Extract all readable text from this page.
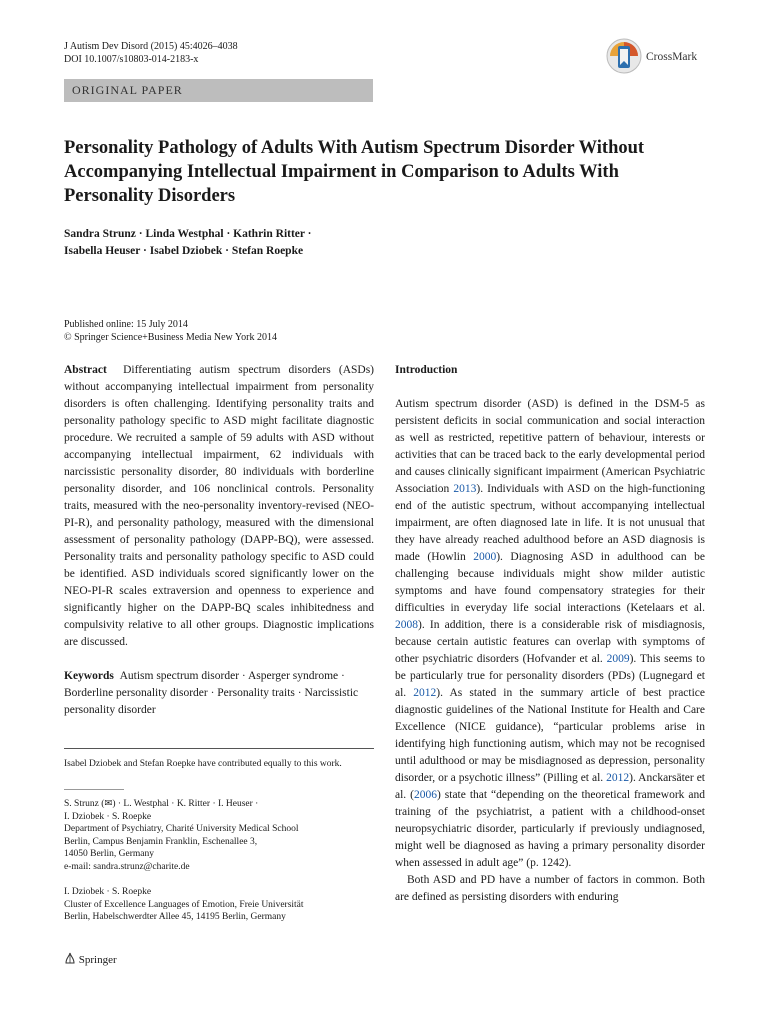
J Autism Dev Disord (2015) 45:4026–4038
DOI 10.1007/s10803-014-2183-x	CrossMark
ORIGINAL PAPER
Personality Pathology of Adults With Autism Spectrum Disorder Without Accompanying Intellectual Impairment in Comparison to Adults With Personality Disorders
Sandra Strunz · Linda Westphal · Kathrin Ritter ·
Isabella Heuser · Isabel Dziobek · Stefan Roepke
Published online: 15 July 2014
© Springer Science+Business Media New York 2014

Abstract Differentiating autism spectrum disorders (ASDs) without accompanying intellectual impairment from personality disorders is often challenging. Identifying personality traits and personality pathology specific to ASD might facilitate diagnostic procedure. We recruited a sample of 59 adults with ASD without accompanying intellectual impairment, 62 individuals with narcissistic personality disorder, 80 individuals with borderline personality disorder, and 106 nonclinical controls. Personality traits, measured with the neo-personality inventory-revised (NEO-PI-R), and personality pathology, measured with the dimensional assessment of personality pathology (DAPP-BQ), were assessed. Personality traits and personality pathology specific to ASD could be identified. ASD individuals scored significantly lower on the NEO-PI-R scales extraversion and openness to experience and significantly higher on the DAPP-BQ scales inhibitedness and compulsivity relative to all other groups. Diagnostic implications are discussed.

Keywords Autism spectrum disorder · Asperger syndrome · Borderline personality disorder · Personality traits · Narcissistic personality disorder

Isabel Dziobek and Stefan Roepke have contributed equally to this work.
S. Strunz (✉) · L. Westphal · K. Ritter · I. Heuser ·
I. Dziobek · S. Roepke
Department of Psychiatry, Charité University Medical School
Berlin, Campus Benjamin Franklin, Eschenallee 3,
14050 Berlin, Germany
e-mail: sandra.strunz@charite.de
I. Dziobek · S. Roepke
Cluster of Excellence Languages of Emotion, Freie Universität
Berlin, Habelschwerdter Allee 45, 14195 Berlin, Germany

Introduction

Autism spectrum disorder (ASD) is defined in the DSM-5 as persistent deficits in social communication and social interaction as well as restricted, repetitive pattern of behaviour, interests or activities that can be traced back to the early developmental period and causes clinically significant impairment (American Psychiatric Association 2013). Individuals with ASD on the high-functioning end of the autistic spectrum, without accompanying intellectual impairment, are often diagnosed late in life. It is not unusual that they have already reached adulthood before an ASD diagnosis is made (Howlin 2000). Diagnosing ASD in adulthood can be challenging because individuals might show milder autistic symptoms and have found compensatory strategies for their difficulties in everyday life social interactions (Ketelaars et al. 2008). In addition, there is a considerable risk of misdiagnosis, because certain autistic features can overlap with symptoms of other psychiatric disorders (Hofvander et al. 2009). This seems to be particularly true for personality disorders (PDs) (Lugnegard et al. 2012). As stated in the summary article of best practice diagnostic guidelines of the National Institute for Health and Care Excellence (NICE guidance), “particular problems arise in identifying high functioning autism, which may not be recognised until adulthood or may be misdiagnosed as depression, personality disorder, or a psychotic illness” (Pilling et al. 2012). Anckarsäter et al. (2006) state that “depending on the theoretical framework and training of the psychiatrist, a patient with a childhood-onset neuropsychiatric disorder, particularly if previously undiagnosed, might well be diagnosed as having a primary personality disorder when assessed in adult age” (p. 1242).

Both ASD and PD have a number of factors in common. Both are defined as persisting disorders with enduring

Springer
